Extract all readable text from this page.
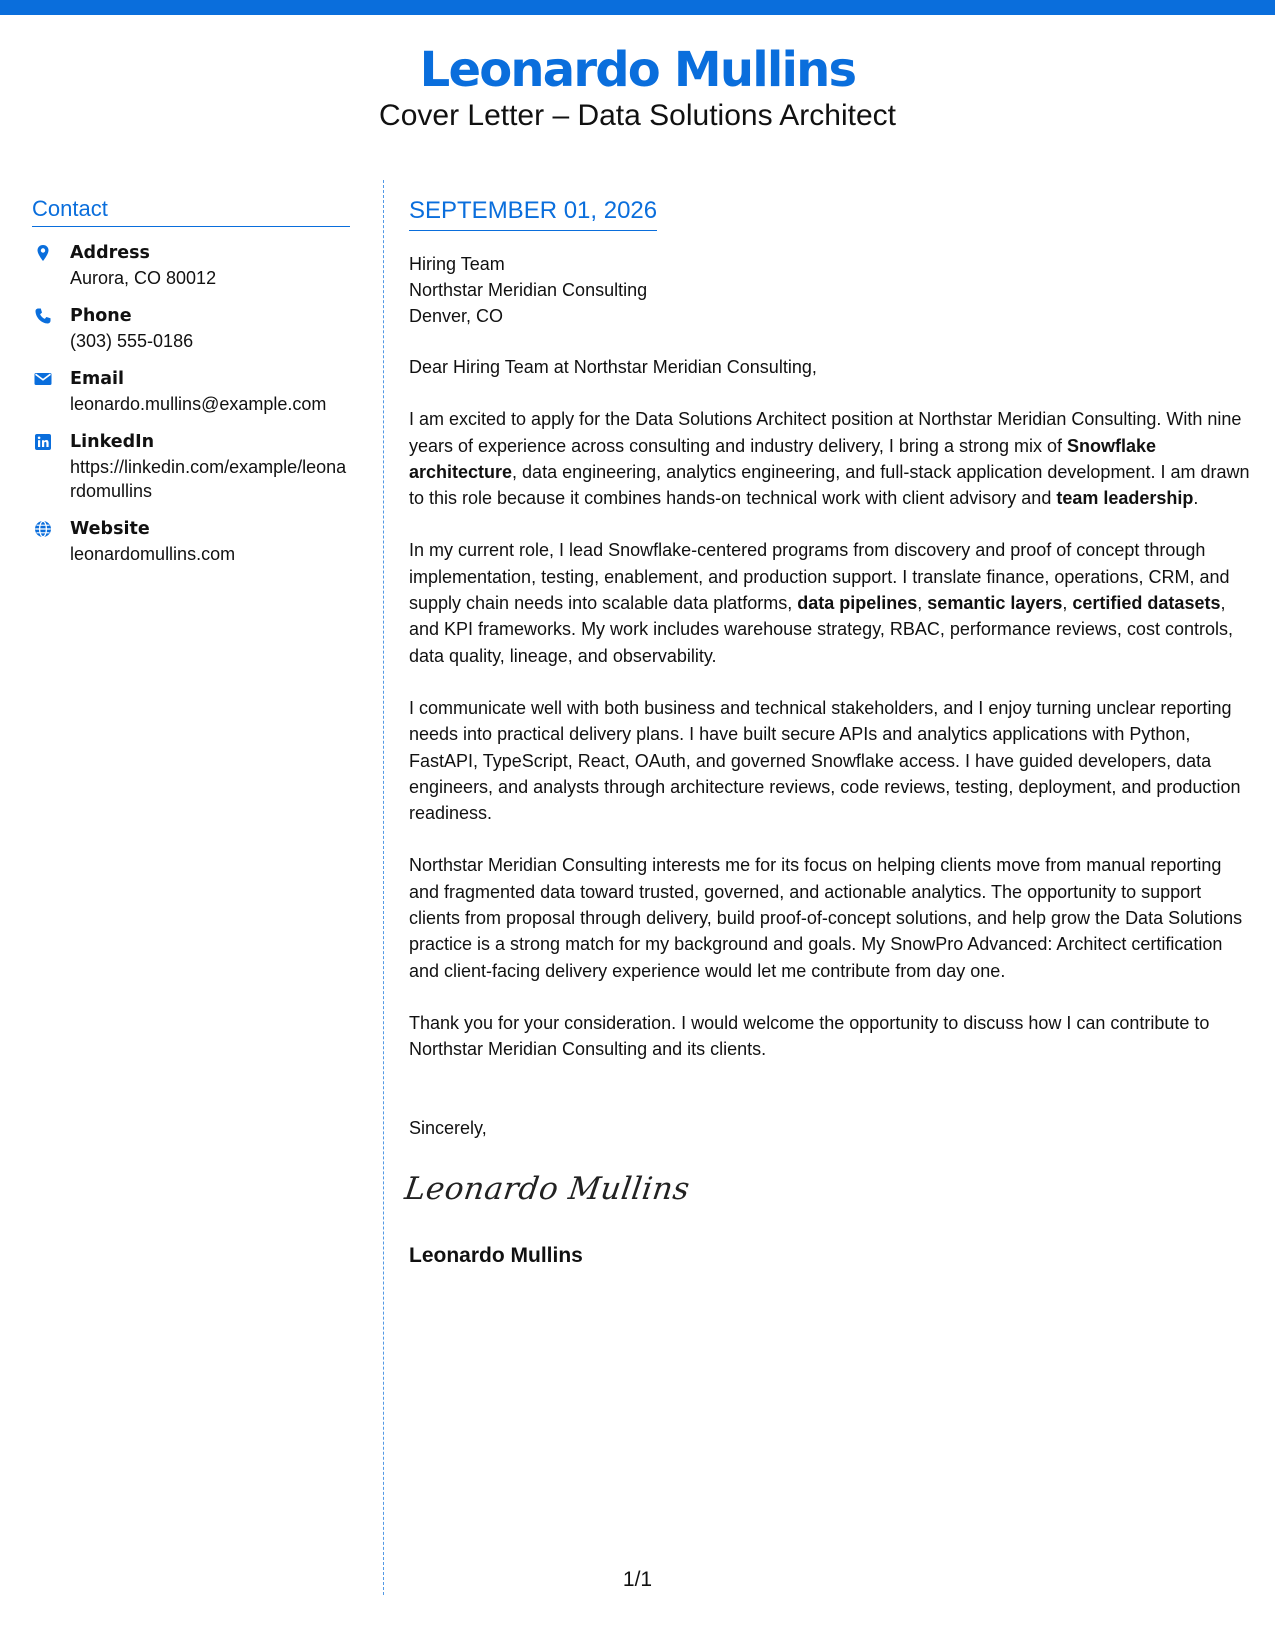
Leonardo Mullins
Cover Letter – Data Solutions Architect
Contact
Address
Aurora, CO 80012
Phone
(303) 555-0186
Email
leonardo.mullins@example.com
LinkedIn
https://linkedin.com/example/leonardomullins
Website
leonardomullins.com
SEPTEMBER 01, 2026
Hiring Team
Northstar Meridian Consulting
Denver, CO
Dear Hiring Team at Northstar Meridian Consulting,

I am excited to apply for the Data Solutions Architect position at Northstar Meridian Consulting. With nine years of experience across consulting and industry delivery, I bring a strong mix of Snowflake architecture, data engineering, analytics engineering, and full-stack application development. I am drawn to this role because it combines hands-on technical work with client advisory and team leadership.

In my current role, I lead Snowflake-centered programs from discovery and proof of concept through implementation, testing, enablement, and production support. I translate finance, operations, CRM, and supply chain needs into scalable data platforms, data pipelines, semantic layers, certified datasets, and KPI frameworks. My work includes warehouse strategy, RBAC, performance reviews, cost controls, data quality, lineage, and observability.

I communicate well with both business and technical stakeholders, and I enjoy turning unclear reporting needs into practical delivery plans. I have built secure APIs and analytics applications with Python, FastAPI, TypeScript, React, OAuth, and governed Snowflake access. I have guided developers, data engineers, and analysts through architecture reviews, code reviews, testing, deployment, and production readiness.

Northstar Meridian Consulting interests me for its focus on helping clients move from manual reporting and fragmented data toward trusted, governed, and actionable analytics. The opportunity to support clients from proposal through delivery, build proof-of-concept solutions, and help grow the Data Solutions practice is a strong match for my background and goals. My SnowPro Advanced: Architect certification and client-facing delivery experience would let me contribute from day one.

Thank you for your consideration. I would welcome the opportunity to discuss how I can contribute to Northstar Meridian Consulting and its clients.

Sincerely,
Leonardo Mullins
Leonardo Mullins
1/1
